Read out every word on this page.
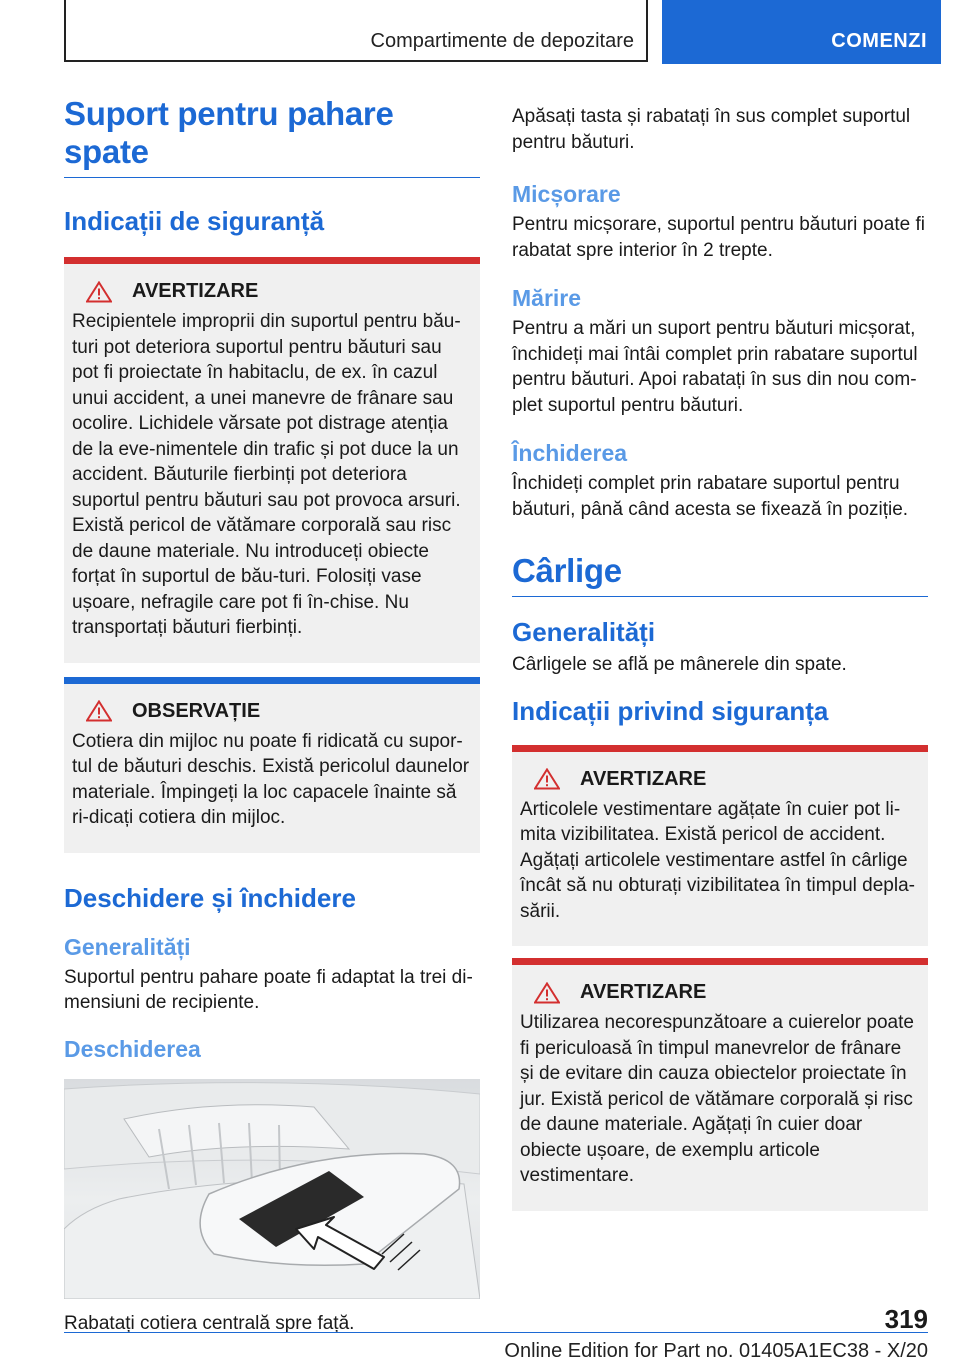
Compartimente de depozitare	COMENZI
Suport pentru pahare spate
Indicații de siguranță
AVERTIZARE

Recipientele improprii din suportul pentru bău-turi pot deteriora suportul pentru băuturi sau pot fi proiectate în habitaclu, de ex. în cazul unui accident, a unei manevre de frânare sau ocolire. Lichidele vărsate pot distrage atenția de la eve-nimentele din trafic și pot duce la un accident. Băuturile fierbinți pot deteriora suportul pentru băuturi sau pot provoca arsuri. Există pericol de vătămare corporală sau risc de daune materiale. Nu introduceți obiecte forțat în suportul de bău-turi. Folosiți vase ușoare, nefragile care pot fi în-chise. Nu transportați băuturi fierbinți.

OBSERVAȚIE

Cotiera din mijloc nu poate fi ridicată cu supor-tul de băuturi deschis. Există pericolul daunelor materiale. Împingeți la loc capacele înainte să ri-dicați cotiera din mijloc.

Deschidere și închidere
Generalități

Suportul pentru pahare poate fi adaptat la trei di-mensiuni de recipiente.

Deschiderea

Rabatați cotiera centrală spre față.

Apăsați tasta și rabatați în sus complet suportul pentru băuturi.

Micșorare

Pentru micșorare, suportul pentru băuturi poate fi rabatat spre interior în 2 trepte.

Mărire

Pentru a mări un suport pentru băuturi micșorat, închideți mai întâi complet prin rabatare suportul pentru băuturi. Apoi rabatați în sus din nou com-plet suportul pentru băuturi.

Închiderea

Închideți complet prin rabatare suportul pentru băuturi, până când acesta se fixează în poziție.

Cârlige
Generalități

Cârligele se află pe mânerele din spate.

Indicații privind siguranța
AVERTIZARE

Articolele vestimentare agățate în cuier pot li-mita vizibilitatea. Există pericol de accident. Agățați articolele vestimentare astfel în cârlige încât să nu obturați vizibilitatea în timpul depla-sării.

AVERTIZARE

Utilizarea necorespunzătoare a cuierelor poate fi periculoasă în timpul manevrelor de frânare și de evitare din cauza obiectelor proiectate în jur. Există pericol de vătămare corporală și risc de daune materiale. Agățați în cuier doar obiecte ușoare, de exemplu articole vestimentare.

319
Online Edition for Part no. 01405A1EC38 - X/20
